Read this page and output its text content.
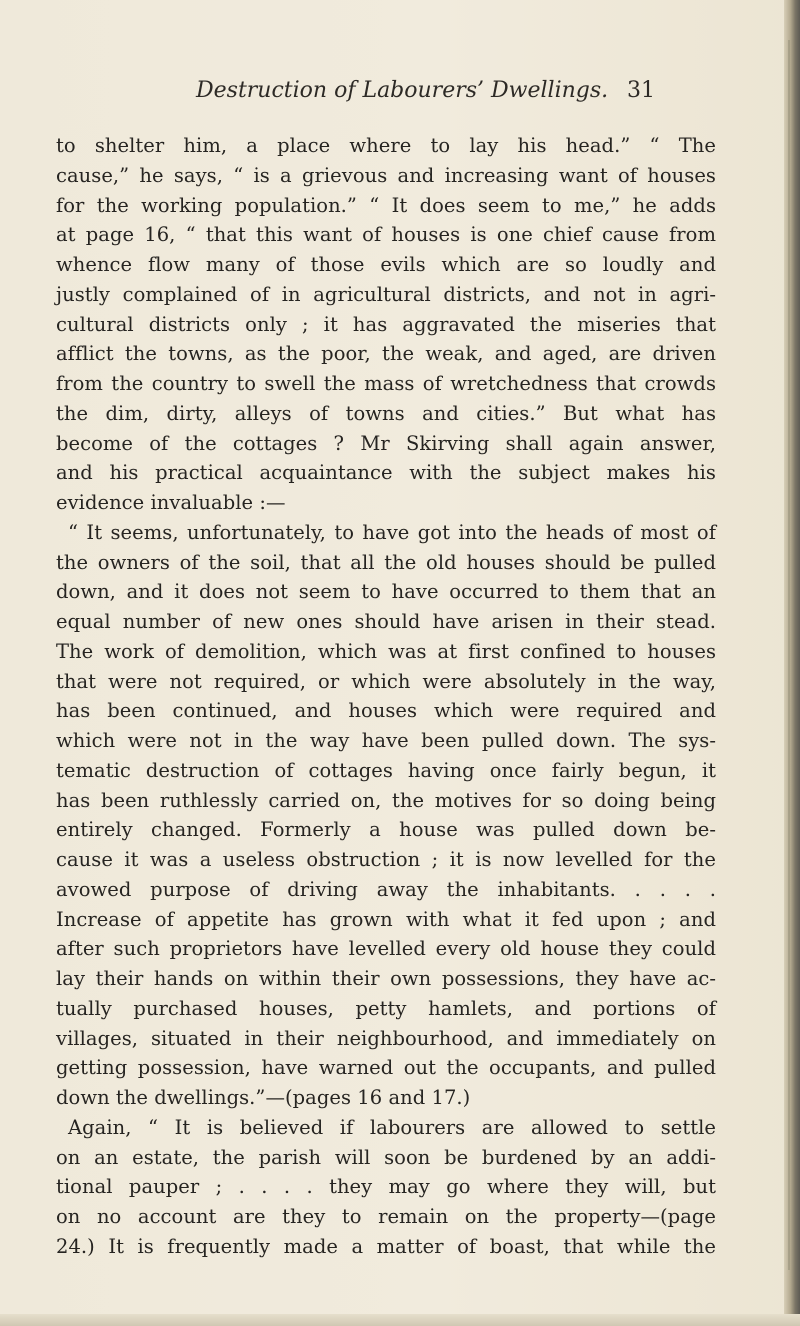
Destruction of Labourers’ Dwellings. 31
to shelter him, a place where to lay his head.” “ The
cause,” he says, “ is a grievous and increasing want of houses
for the working population.” “ It does seem to me,” he adds
at page 16, “ that this want of houses is one chief cause from
whence flow many of those evils which are so loudly and
justly complained of in agricultural districts, and not in agri-
cultural districts only ; it has aggravated the miseries that
afflict the towns, as the poor, the weak, and aged, are driven
from the country to swell the mass of wretchedness that crowds
the dim, dirty, alleys of towns and cities.” But what has
become of the cottages ? Mr Skirving shall again answer,
and his practical acquaintance with the subject makes his
evidence invaluable :—
“ It seems, unfortunately, to have got into the heads of most of
the owners of the soil, that all the old houses should be pulled
down, and it does not seem to have occurred to them that an
equal number of new ones should have arisen in their stead.
The work of demolition, which was at first confined to houses
that were not required, or which were absolutely in the way,
has been continued, and houses which were required and
which were not in the way have been pulled down. The sys-
tematic destruction of cottages having once fairly begun, it
has been ruthlessly carried on, the motives for so doing being
entirely changed. Formerly a house was pulled down be-
cause it was a useless obstruction ; it is now levelled for the
avowed purpose of driving away the inhabitants. . . . .
Increase of appetite has grown with what it fed upon ; and
after such proprietors have levelled every old house they could
lay their hands on within their own possessions, they have ac-
tually purchased houses, petty hamlets, and portions of
villages, situated in their neighbourhood, and immediately on
getting possession, have warned out the occupants, and pulled
down the dwellings.”—(pages 16 and 17.)
Again, “ It is believed if labourers are allowed to settle
on an estate, the parish will soon be burdened by an addi-
tional pauper ; . . . . they may go where they will, but
on no account are they to remain on the property—(page
24.) It is frequently made a matter of boast, that while the
